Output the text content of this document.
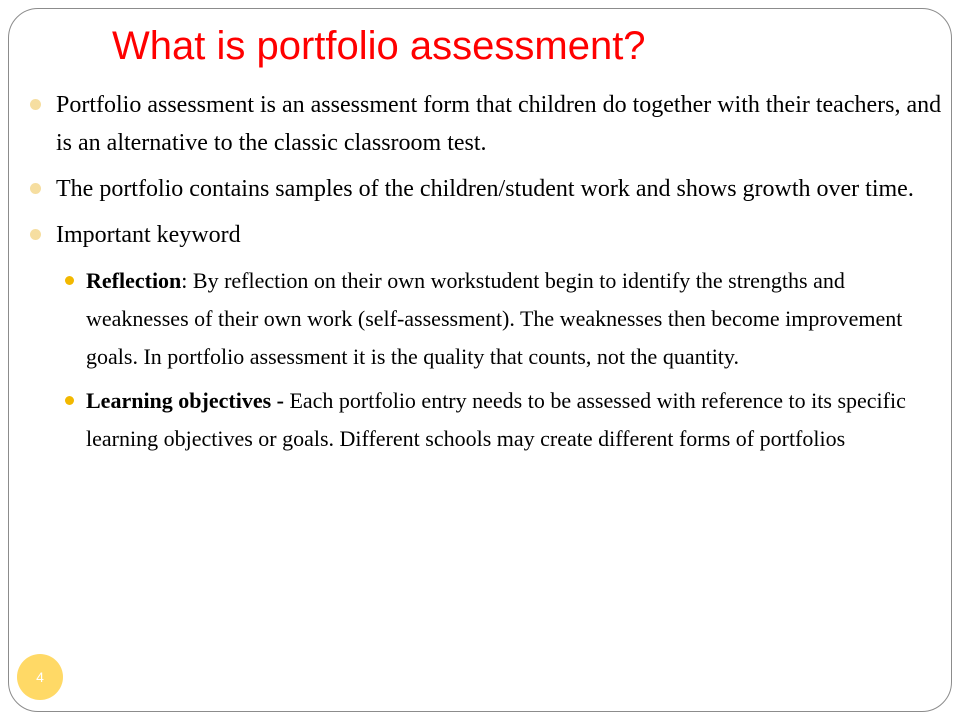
What is portfolio assessment?
Portfolio assessment is an assessment form that children do together with their teachers, and is an alternative to the classic classroom test.
The portfolio contains samples of the children/student work and shows growth over time.
Important keyword
Reflection: By reflection on their own workstudent begin to identify the strengths and weaknesses of their own work (self-assessment). The weaknesses then become improvement goals. In portfolio assessment it is the quality that counts, not the quantity.
Learning objectives - Each portfolio entry needs to be assessed with reference to its specific learning objectives or goals. Different schools may create different forms of portfolios
4
